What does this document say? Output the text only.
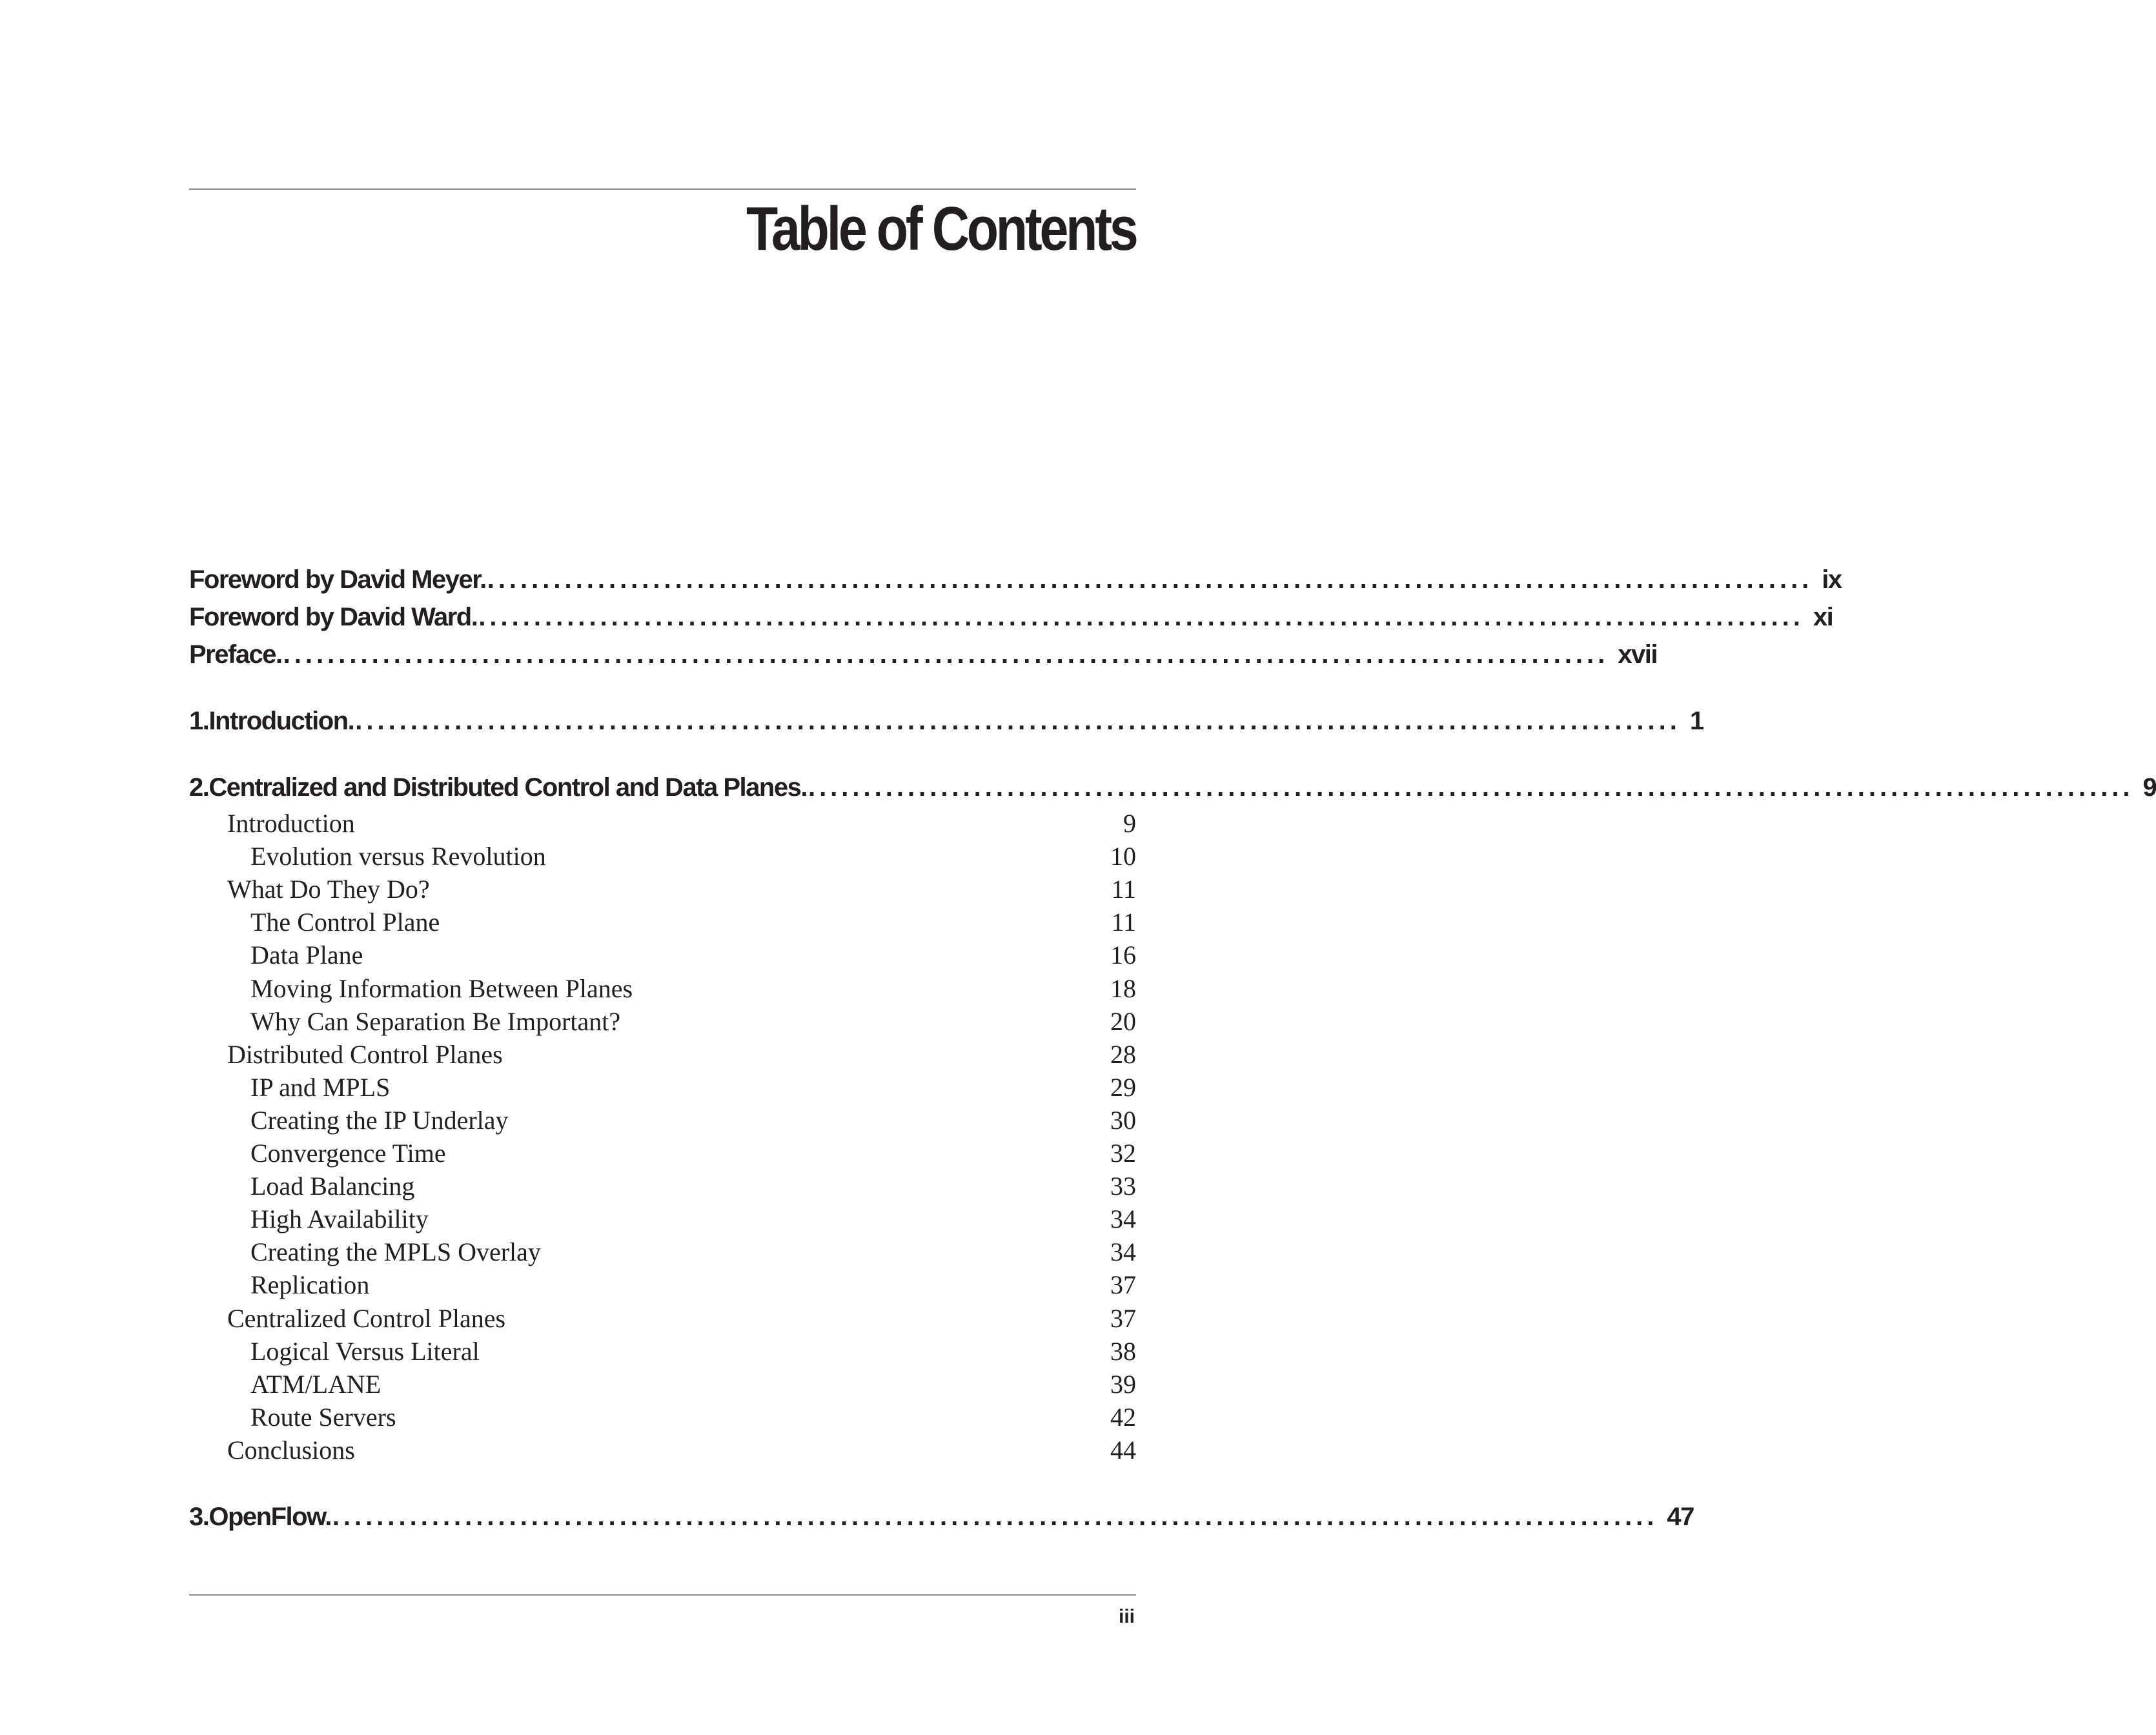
Table of Contents
Foreword by David Meyer. ........................................................................................................................ ix
Foreword by David Ward. ........................................................................................................................ xi
Preface. ........................................................................................................................ xvii
1. Introduction. ........................................................................................................................ 1
2. Centralized and Distributed Control and Data Planes. ........................................................................................................................ 9
Introduction	9
Evolution versus Revolution	10
What Do They Do?	11
The Control Plane	11
Data Plane	16
Moving Information Between Planes	18
Why Can Separation Be Important?	20
Distributed Control Planes	28
IP and MPLS	29
Creating the IP Underlay	30
Convergence Time	32
Load Balancing	33
High Availability	34
Creating the MPLS Overlay	34
Replication	37
Centralized Control Planes	37
Logical Versus Literal	38
ATM/LANE	39
Route Servers	42
Conclusions	44
3. OpenFlow. ........................................................................................................................ 47

iii
